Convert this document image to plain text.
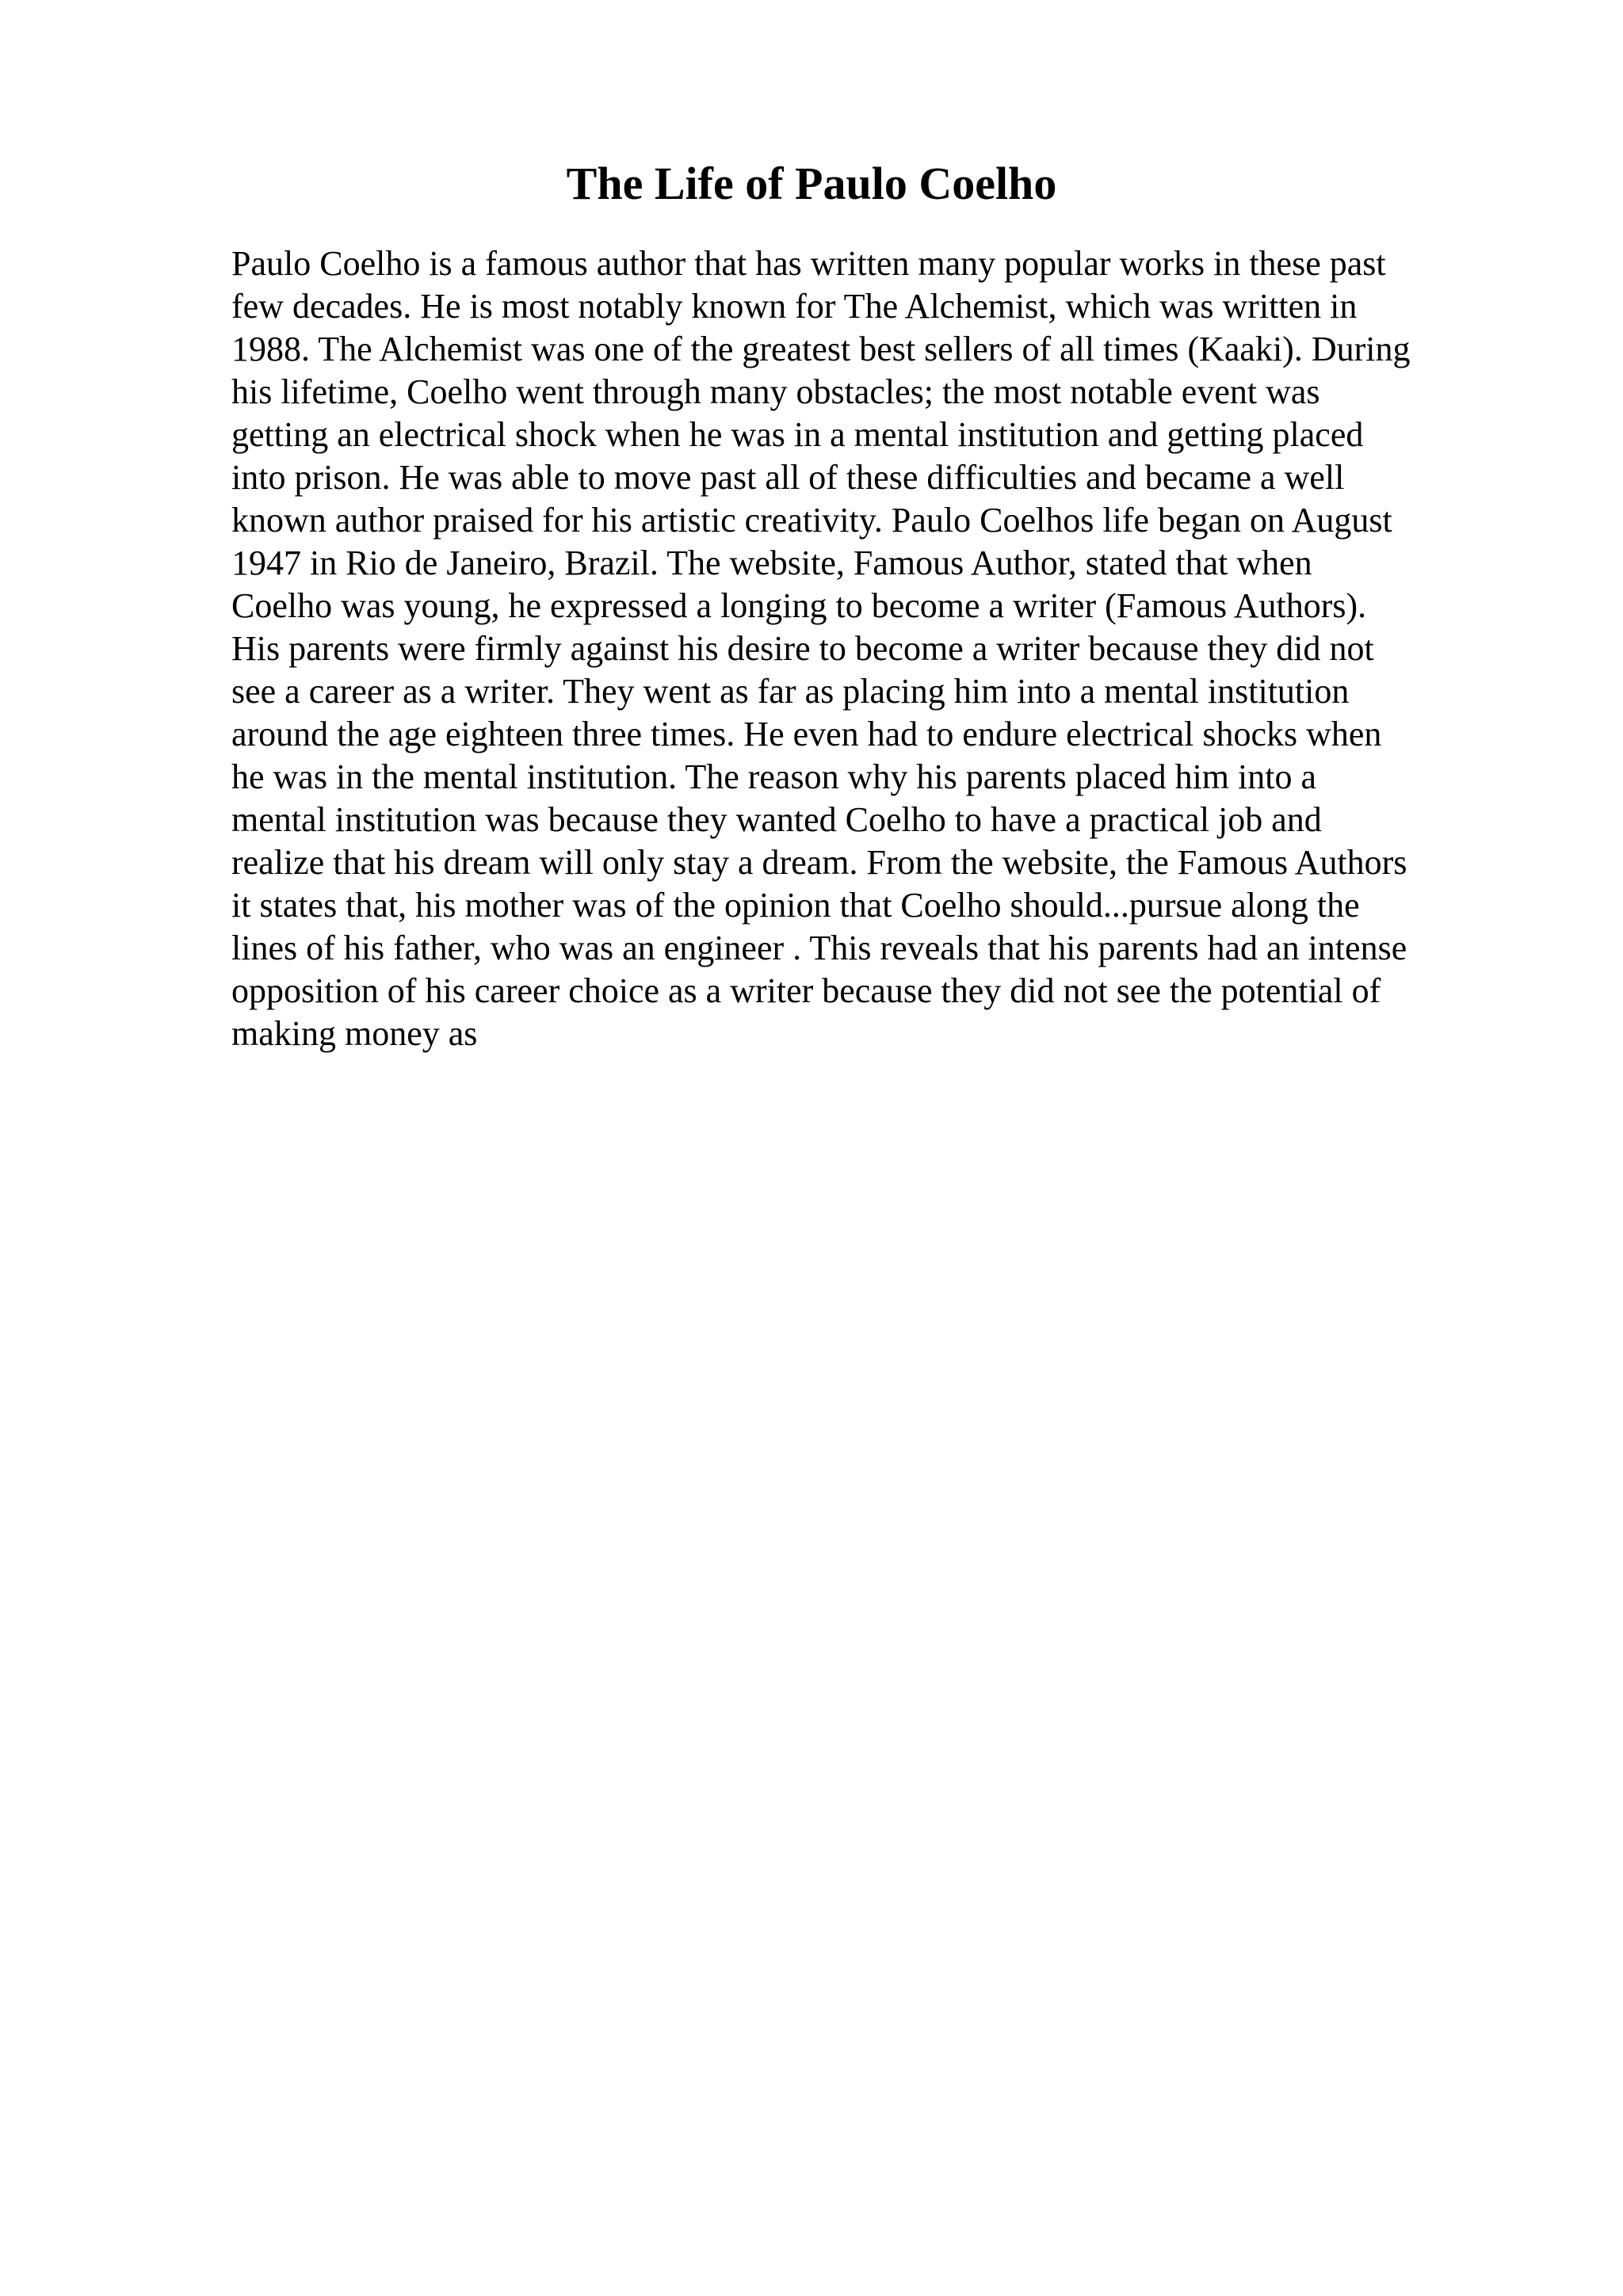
The Life of Paulo Coelho
Paulo Coelho is a famous author that has written many popular works in these past
few decades. He is most notably known for The Alchemist, which was written in
1988. The Alchemist was one of the greatest best sellers of all times (Kaaki). During
his lifetime, Coelho went through many obstacles; the most notable event was
getting an electrical shock when he was in a mental institution and getting placed
into prison. He was able to move past all of these difficulties and became a well
known author praised for his artistic creativity. Paulo Coelhos life began on August
1947 in Rio de Janeiro, Brazil. The website, Famous Author, stated that when
Coelho was young, he expressed a longing to become a writer (Famous Authors).
His parents were firmly against his desire to become a writer because they did not
see a career as a writer. They went as far as placing him into a mental institution
around the age eighteen three times. He even had to endure electrical shocks when
he was in the mental institution. The reason why his parents placed him into a
mental institution was because they wanted Coelho to have a practical job and
realize that his dream will only stay a dream. From the website, the Famous Authors
it states that, his mother was of the opinion that Coelho should...pursue along the
lines of his father, who was an engineer . This reveals that his parents had an intense
opposition of his career choice as a writer because they did not see the potential of
making money as
